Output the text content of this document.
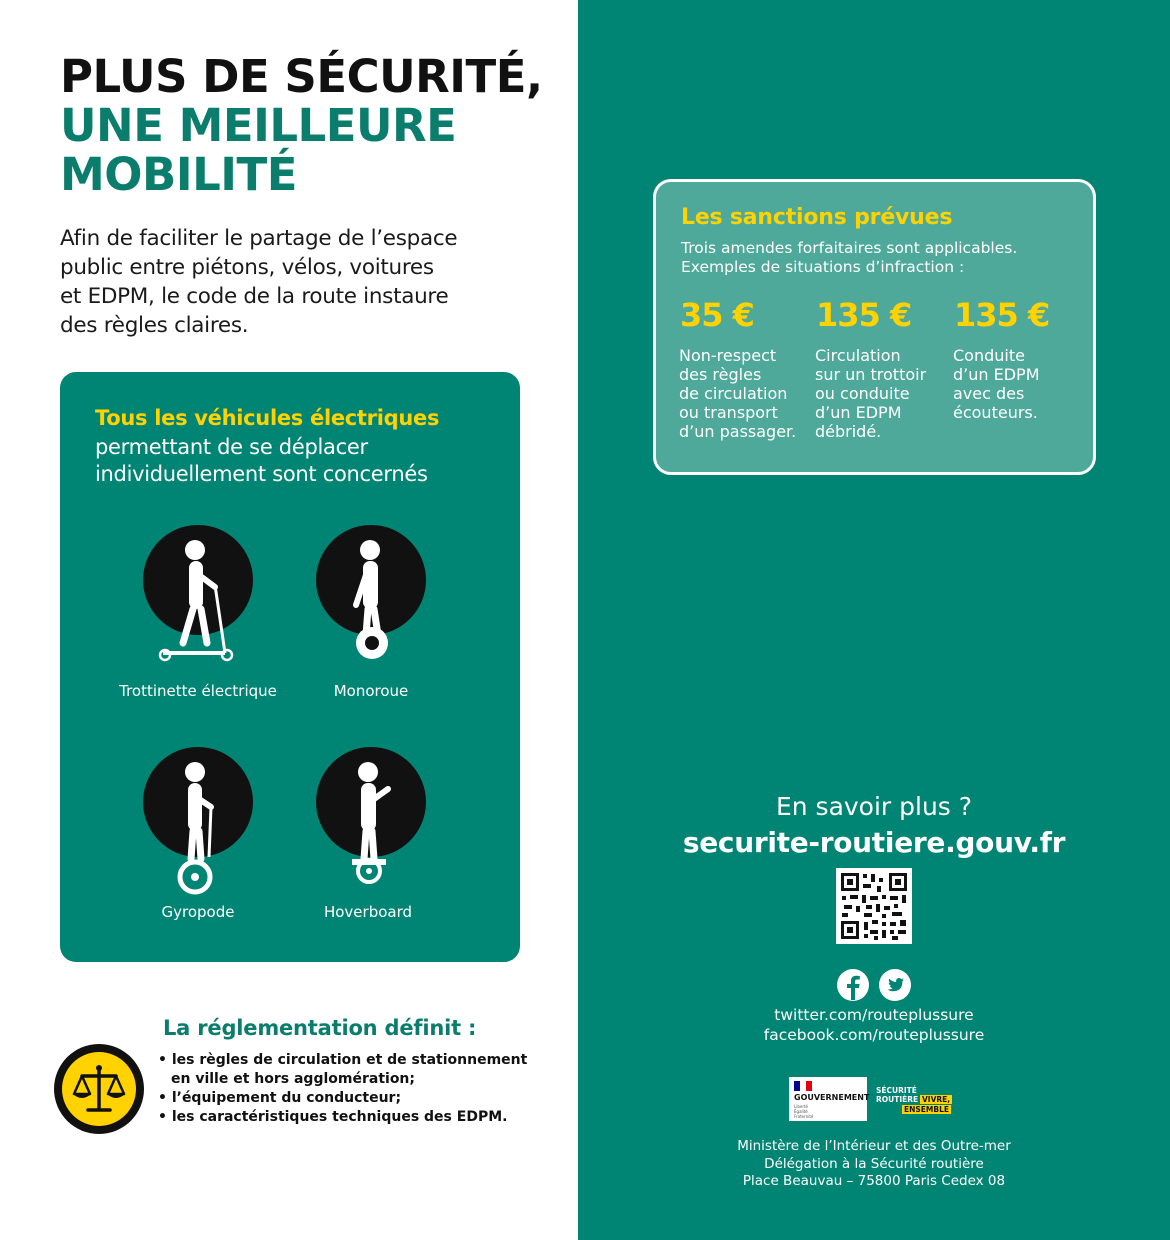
PLUS DE SÉCURITÉ,
UNE MEILLEURE
MOBILITÉ

Afin de faciliter le partage de l’espace
public entre piétons, vélos, voitures
et EDPM, le code de la route instaure
des règles claires.

Tous les véhicules électriques
permettant de se déplacer
individuellement sont concernés
Trottinette électrique	Monoroue
Gyropode	Hoverboard
La réglementation définit :
• les règles de circulation et de stationnement
en ville et hors agglomération;
• l’équipement du conducteur;
• les caractéristiques techniques des EDPM.
Les sanctions prévues
Trois amendes forfaitaires sont applicables.
Exemples de situations d’infraction :
35 €
Non-respect
des règles
de circulation
ou transport
d’un passager.
135 €
Circulation
sur un trottoir
ou conduite
d’un EDPM
débridé.
135 €
Conduite
d’un EDPM
avec des
écouteurs.
En savoir plus ?
securite-routiere.gouv.fr
twitter.com/routeplussure
facebook.com/routeplussure
GOUVERNEMENT
Liberté
Égalité
Fraternité
SÉCURITÉ
ROUTIÈRE VIVRE,
ENSEMBLE
Ministère de l’Intérieur et des Outre-mer
Délégation à la Sécurité routière
Place Beauvau – 75800 Paris Cedex 08
